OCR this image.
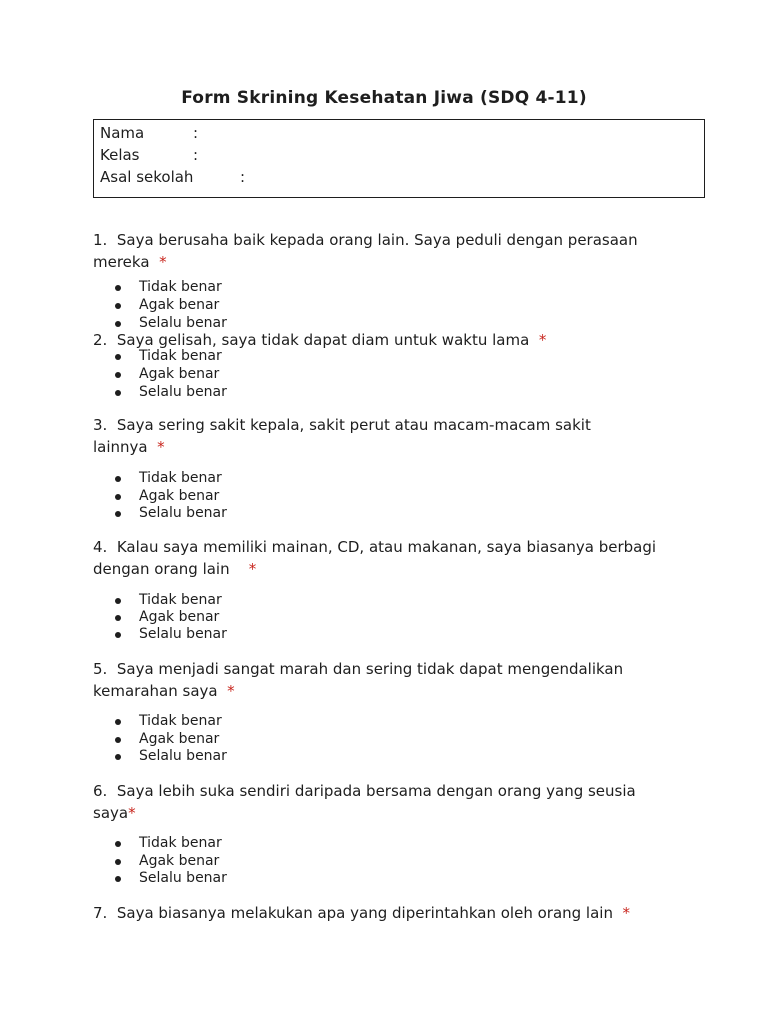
Form Skrining Kesehatan Jiwa (SDQ 4-11)
Nama	:
Kelas	:
Asal sekolah	:
1. Saya berusaha baik kepada orang lain. Saya peduli dengan perasaan
mereka *
Tidak benar
Agak benar
Selalu benar
2. Saya gelisah, saya tidak dapat diam untuk waktu lama *
Tidak benar
Agak benar
Selalu benar
3. Saya sering sakit kepala, sakit perut atau macam-macam sakit
lainnya *
Tidak benar
Agak benar
Selalu benar
4. Kalau saya memiliki mainan, CD, atau makanan, saya biasanya berbagi
dengan orang lain *
Tidak benar
Agak benar
Selalu benar
5. Saya menjadi sangat marah dan sering tidak dapat mengendalikan
kemarahan saya *
Tidak benar
Agak benar
Selalu benar
6. Saya lebih suka sendiri daripada bersama dengan orang yang seusia
saya*
Tidak benar
Agak benar
Selalu benar
7. Saya biasanya melakukan apa yang diperintahkan oleh orang lain *
